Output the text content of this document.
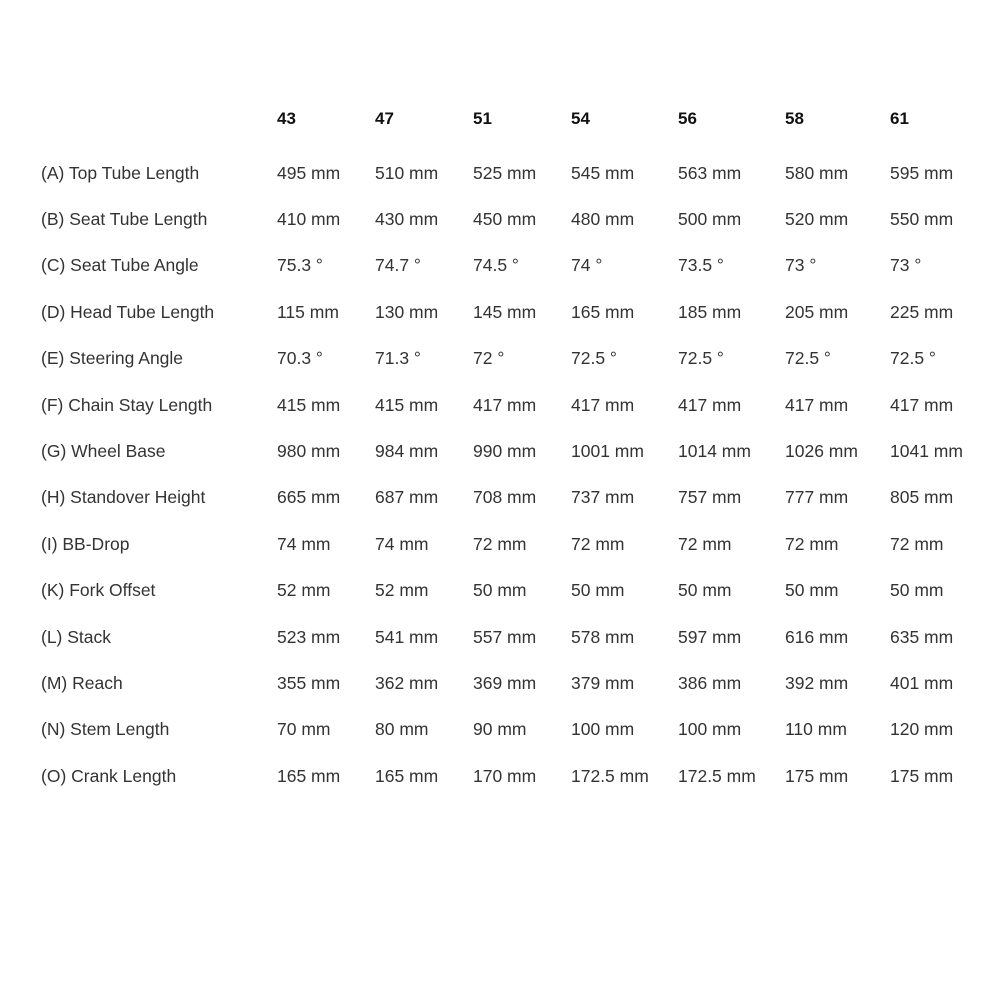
	43	47	51	54	56	58	61
(A) Top Tube Length	495 mm	510 mm	525 mm	545 mm	563 mm	580 mm	595 mm
(B) Seat Tube Length	410 mm	430 mm	450 mm	480 mm	500 mm	520 mm	550 mm
(C) Seat Tube Angle	75.3 °	74.7 °	74.5 °	74 °	73.5 °	73 °	73 °
(D) Head Tube Length	115 mm	130 mm	145 mm	165 mm	185 mm	205 mm	225 mm
(E) Steering Angle	70.3 °	71.3 °	72 °	72.5 °	72.5 °	72.5 °	72.5 °
(F) Chain Stay Length	415 mm	415 mm	417 mm	417 mm	417 mm	417 mm	417 mm
(G) Wheel Base	980 mm	984 mm	990 mm	1001 mm	1014 mm	1026 mm	1041 mm
(H) Standover Height	665 mm	687 mm	708 mm	737 mm	757 mm	777 mm	805 mm
(I) BB-Drop	74 mm	74 mm	72 mm	72 mm	72 mm	72 mm	72 mm
(K) Fork Offset	52 mm	52 mm	50 mm	50 mm	50 mm	50 mm	50 mm
(L) Stack	523 mm	541 mm	557 mm	578 mm	597 mm	616 mm	635 mm
(M) Reach	355 mm	362 mm	369 mm	379 mm	386 mm	392 mm	401 mm
(N) Stem Length	70 mm	80 mm	90 mm	100 mm	100 mm	110 mm	120 mm
(O) Crank Length	165 mm	165 mm	170 mm	172.5 mm	172.5 mm	175 mm	175 mm
